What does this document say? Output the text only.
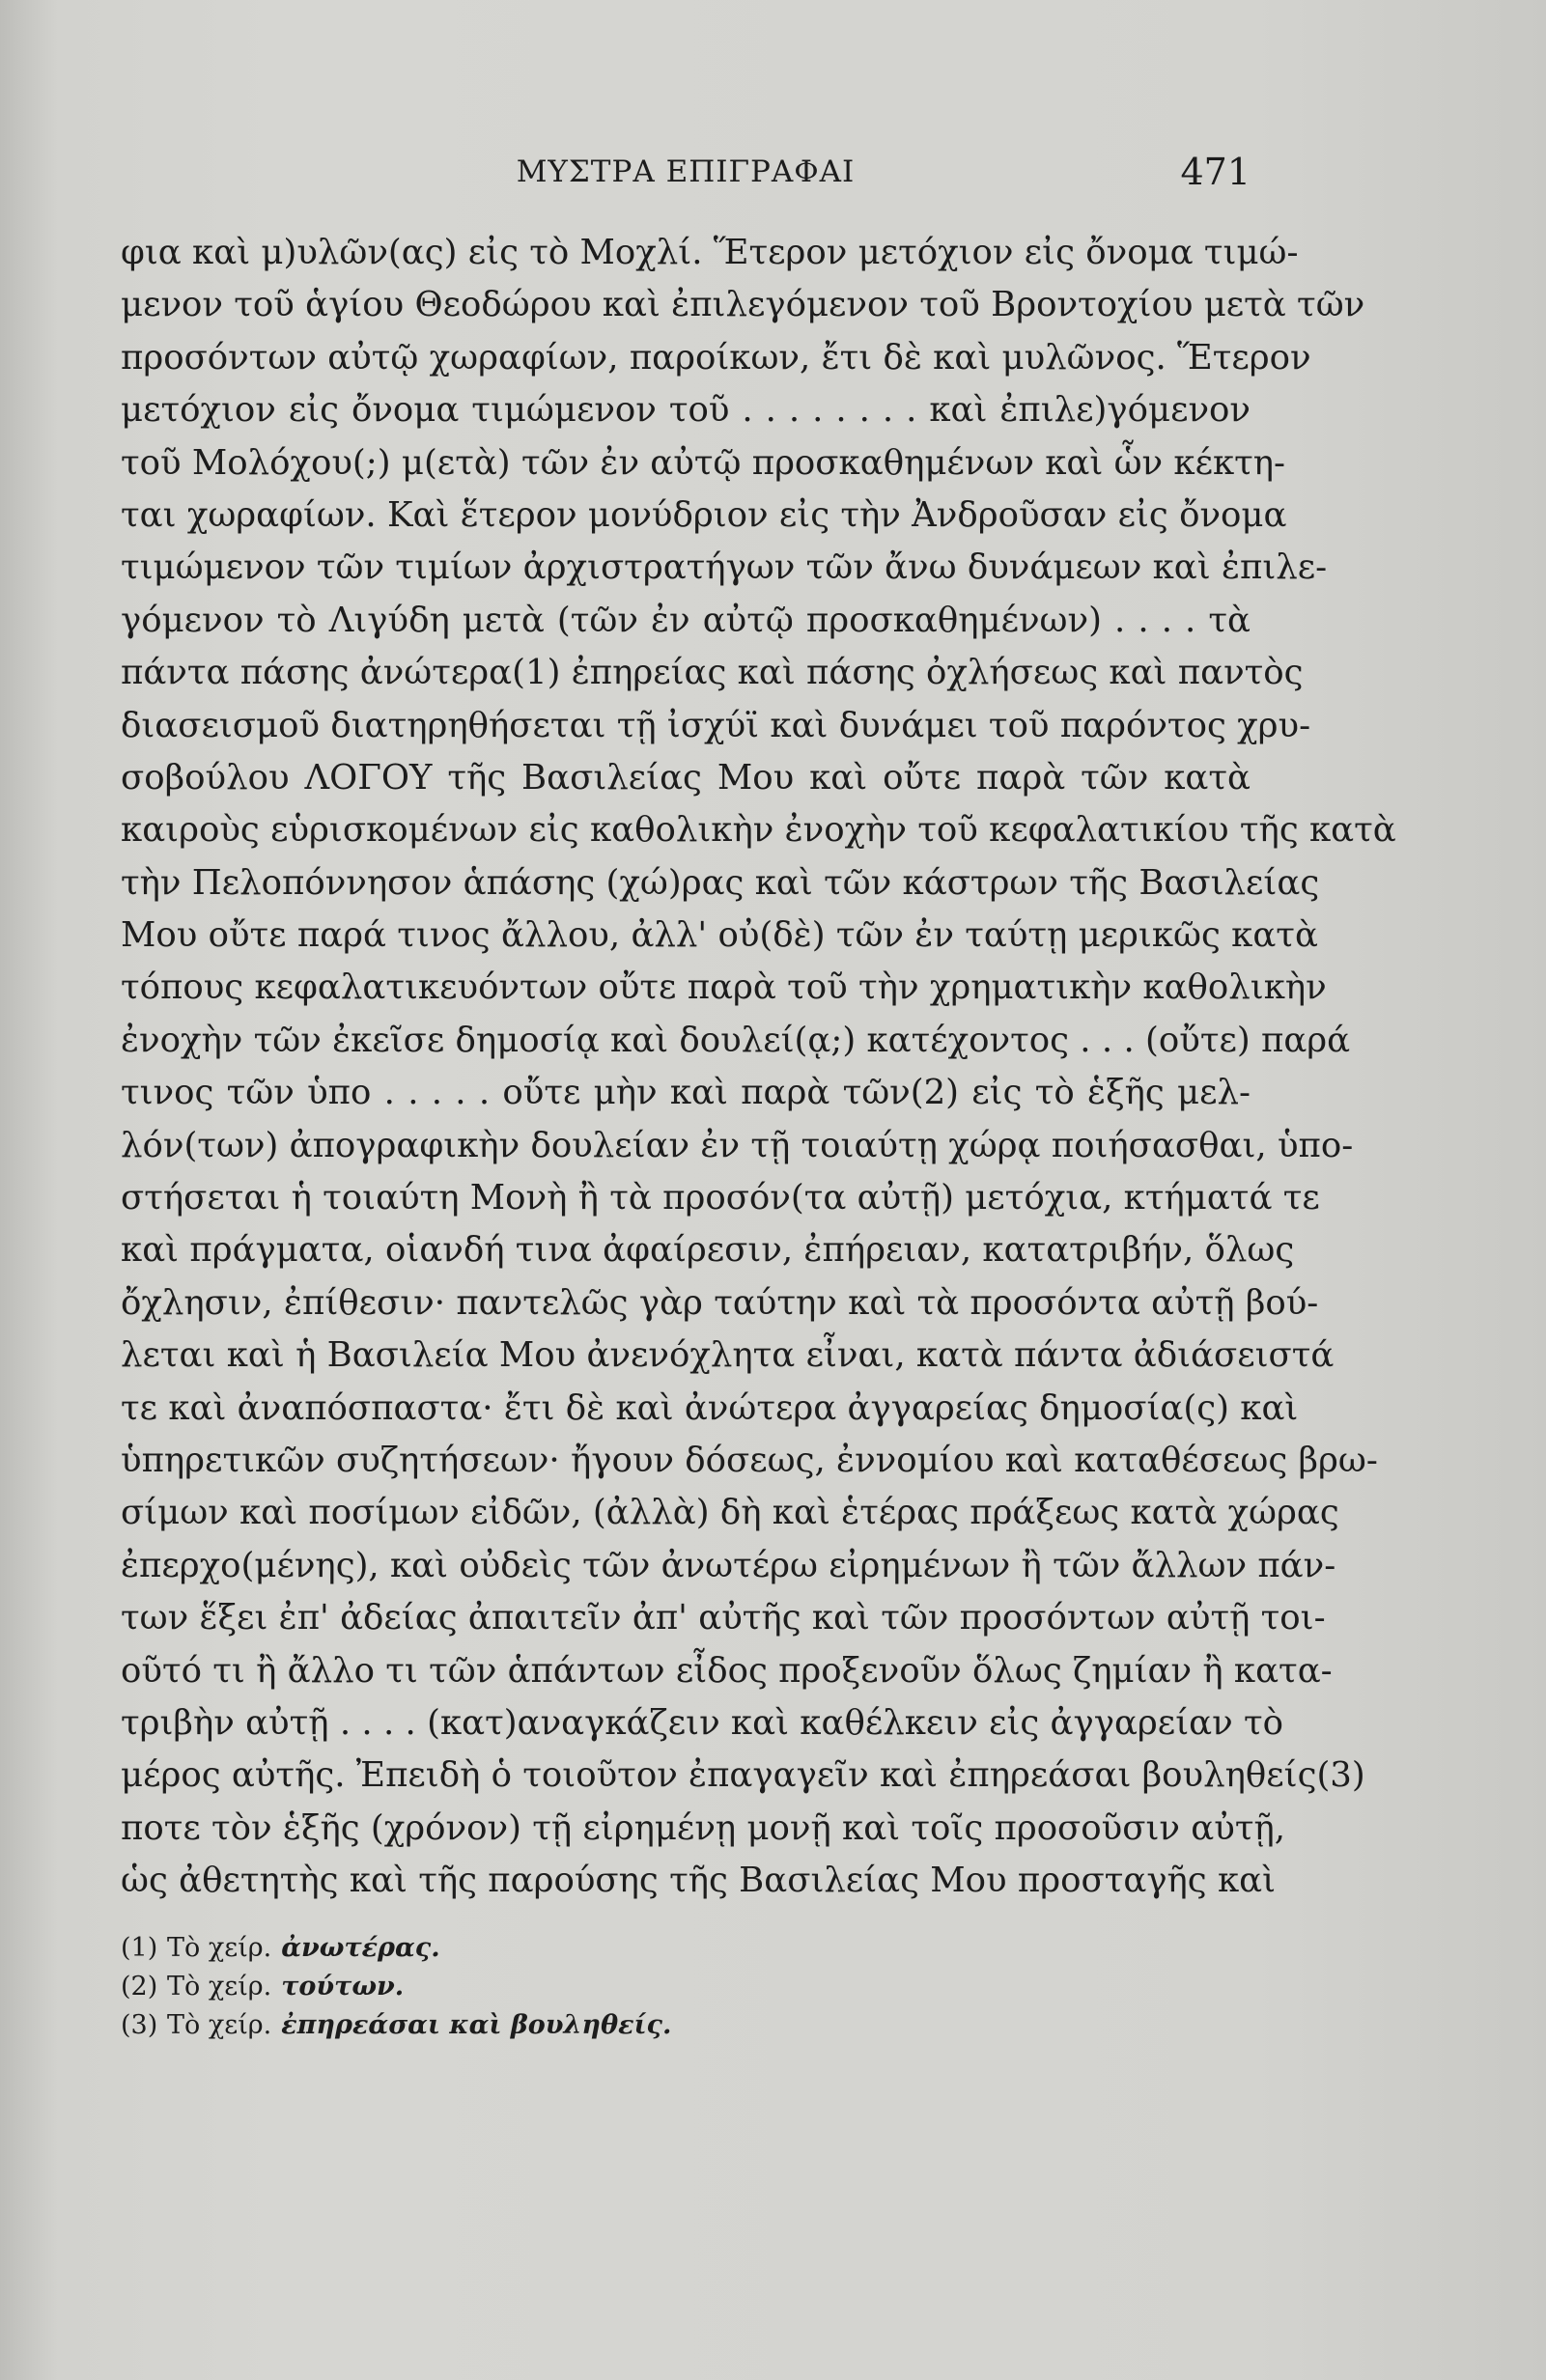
ΜΥΣΤΡΑ ΕΠΙΓΡΑΦΑΙ	471
φια καὶ μ)υλῶν(ας) εἰς τὸ Μοχλί. Ἕτερον μετόχιον εἰς ὄνομα τιμώ-
μενον τοῦ ἁγίου Θεοδώρου καὶ ἐπιλεγόμενον τοῦ Βροντοχίου μετὰ τῶν
προσόντων αὐτῷ χωραφίων, παροίκων, ἔτι δὲ καὶ μυλῶνος. Ἕτερον
μετόχιον εἰς ὄνομα τιμώμενον τοῦ . . . . . . . . καὶ ἐπιλε)γόμενον
τοῦ Μολόχου(;) μ(ετὰ) τῶν ἐν αὐτῷ προσκαθημένων καὶ ὧν κέκτη-
ται χωραφίων. Καὶ ἕτερον μονύδριον εἰς τὴν Ἀνδροῦσαν εἰς ὄνομα
τιμώμενον τῶν τιμίων ἀρχιστρατήγων τῶν ἄνω δυνάμεων καὶ ἐπιλε-
γόμενον τὸ Λιγύδη μετὰ (τῶν ἐν αὐτῷ προσκαθημένων) . . . . τὰ
πάντα πάσης ἀνώτερα(1) ἐπηρείας καὶ πάσης ὀχλήσεως καὶ παντὸς
διασεισμοῦ διατηρηθήσεται τῇ ἰσχύϊ καὶ δυνάμει τοῦ παρόντος χρυ-
σοβούλου ΛΟΓΟΥ τῆς Βασιλείας Μου καὶ οὔτε παρὰ τῶν κατὰ
καιροὺς εὑρισκομένων εἰς καθολικὴν ἐνοχὴν τοῦ κεφαλατικίου τῆς κατὰ
τὴν Πελοπόννησον ἁπάσης (χώ)ρας καὶ τῶν κάστρων τῆς Βασιλείας
Μου οὔτε παρά τινος ἄλλου, ἀλλ' οὐ(δὲ) τῶν ἐν ταύτῃ μερικῶς κατὰ
τόπους κεφαλατικευόντων οὔτε παρὰ τοῦ τὴν χρηματικὴν καθολικὴν
ἐνοχὴν τῶν ἐκεῖσε δημοσίᾳ καὶ δουλεί(ᾳ;) κατέχοντος . . . (οὔτε) παρά
τινος τῶν ὑπο . . . . . οὔτε μὴν καὶ παρὰ τῶν(2) εἰς τὸ ἑξῆς μελ-
λόν(των) ἀπογραφικὴν δουλείαν ἐν τῇ τοιαύτῃ χώρᾳ ποιήσασθαι, ὑπο-
στήσεται ἡ τοιαύτη Μονὴ ἢ τὰ προσόν(τα αὐτῇ) μετόχια, κτήματά τε
καὶ πράγματα, οἱανδή τινα ἀφαίρεσιν, ἐπήρειαν, κατατριβήν, ὅλως
ὄχλησιν, ἐπίθεσιν· παντελῶς γὰρ ταύτην καὶ τὰ προσόντα αὐτῇ βού-
λεται καὶ ἡ Βασιλεία Μου ἀνενόχλητα εἶναι, κατὰ πάντα ἀδιάσειστά
τε καὶ ἀναπόσπαστα· ἔτι δὲ καὶ ἀνώτερα ἀγγαρείας δημοσία(ς) καὶ
ὑπηρετικῶν συζητήσεων· ἤγουν δόσεως, ἐννομίου καὶ καταθέσεως βρω-
σίμων καὶ ποσίμων εἰδῶν, (ἀλλὰ) δὴ καὶ ἑτέρας πράξεως κατὰ χώρας
ἐπερχο(μένης), καὶ οὐδεὶς τῶν ἀνωτέρω εἰρημένων ἢ τῶν ἄλλων πάν-
των ἕξει ἐπ' ἀδείας ἀπαιτεῖν ἀπ' αὐτῆς καὶ τῶν προσόντων αὐτῇ τοι-
οῦτό τι ἢ ἄλλο τι τῶν ἁπάντων εἶδος προξενοῦν ὅλως ζημίαν ἢ κατα-
τριβὴν αὐτῇ . . . . (κατ)αναγκάζειν καὶ καθέλκειν εἰς ἀγγαρείαν τὸ
μέρος αὐτῆς. Ἐπειδὴ ὁ τοιοῦτον ἐπαγαγεῖν καὶ ἐπηρεάσαι βουληθείς(3)
ποτε τὸν ἑξῆς (χρόνον) τῇ εἰρημένῃ μονῇ καὶ τοῖς προσοῦσιν αὐτῇ,
ὡς ἀθετητὴς καὶ τῆς παρούσης τῆς Βασιλείας Μου προσταγῆς καὶ
(1) Τὸ χείρ. ἀνωτέρας.
(2) Τὸ χείρ. τούτων.
(3) Τὸ χείρ. ἐπηρεάσαι καὶ βουληθείς.
